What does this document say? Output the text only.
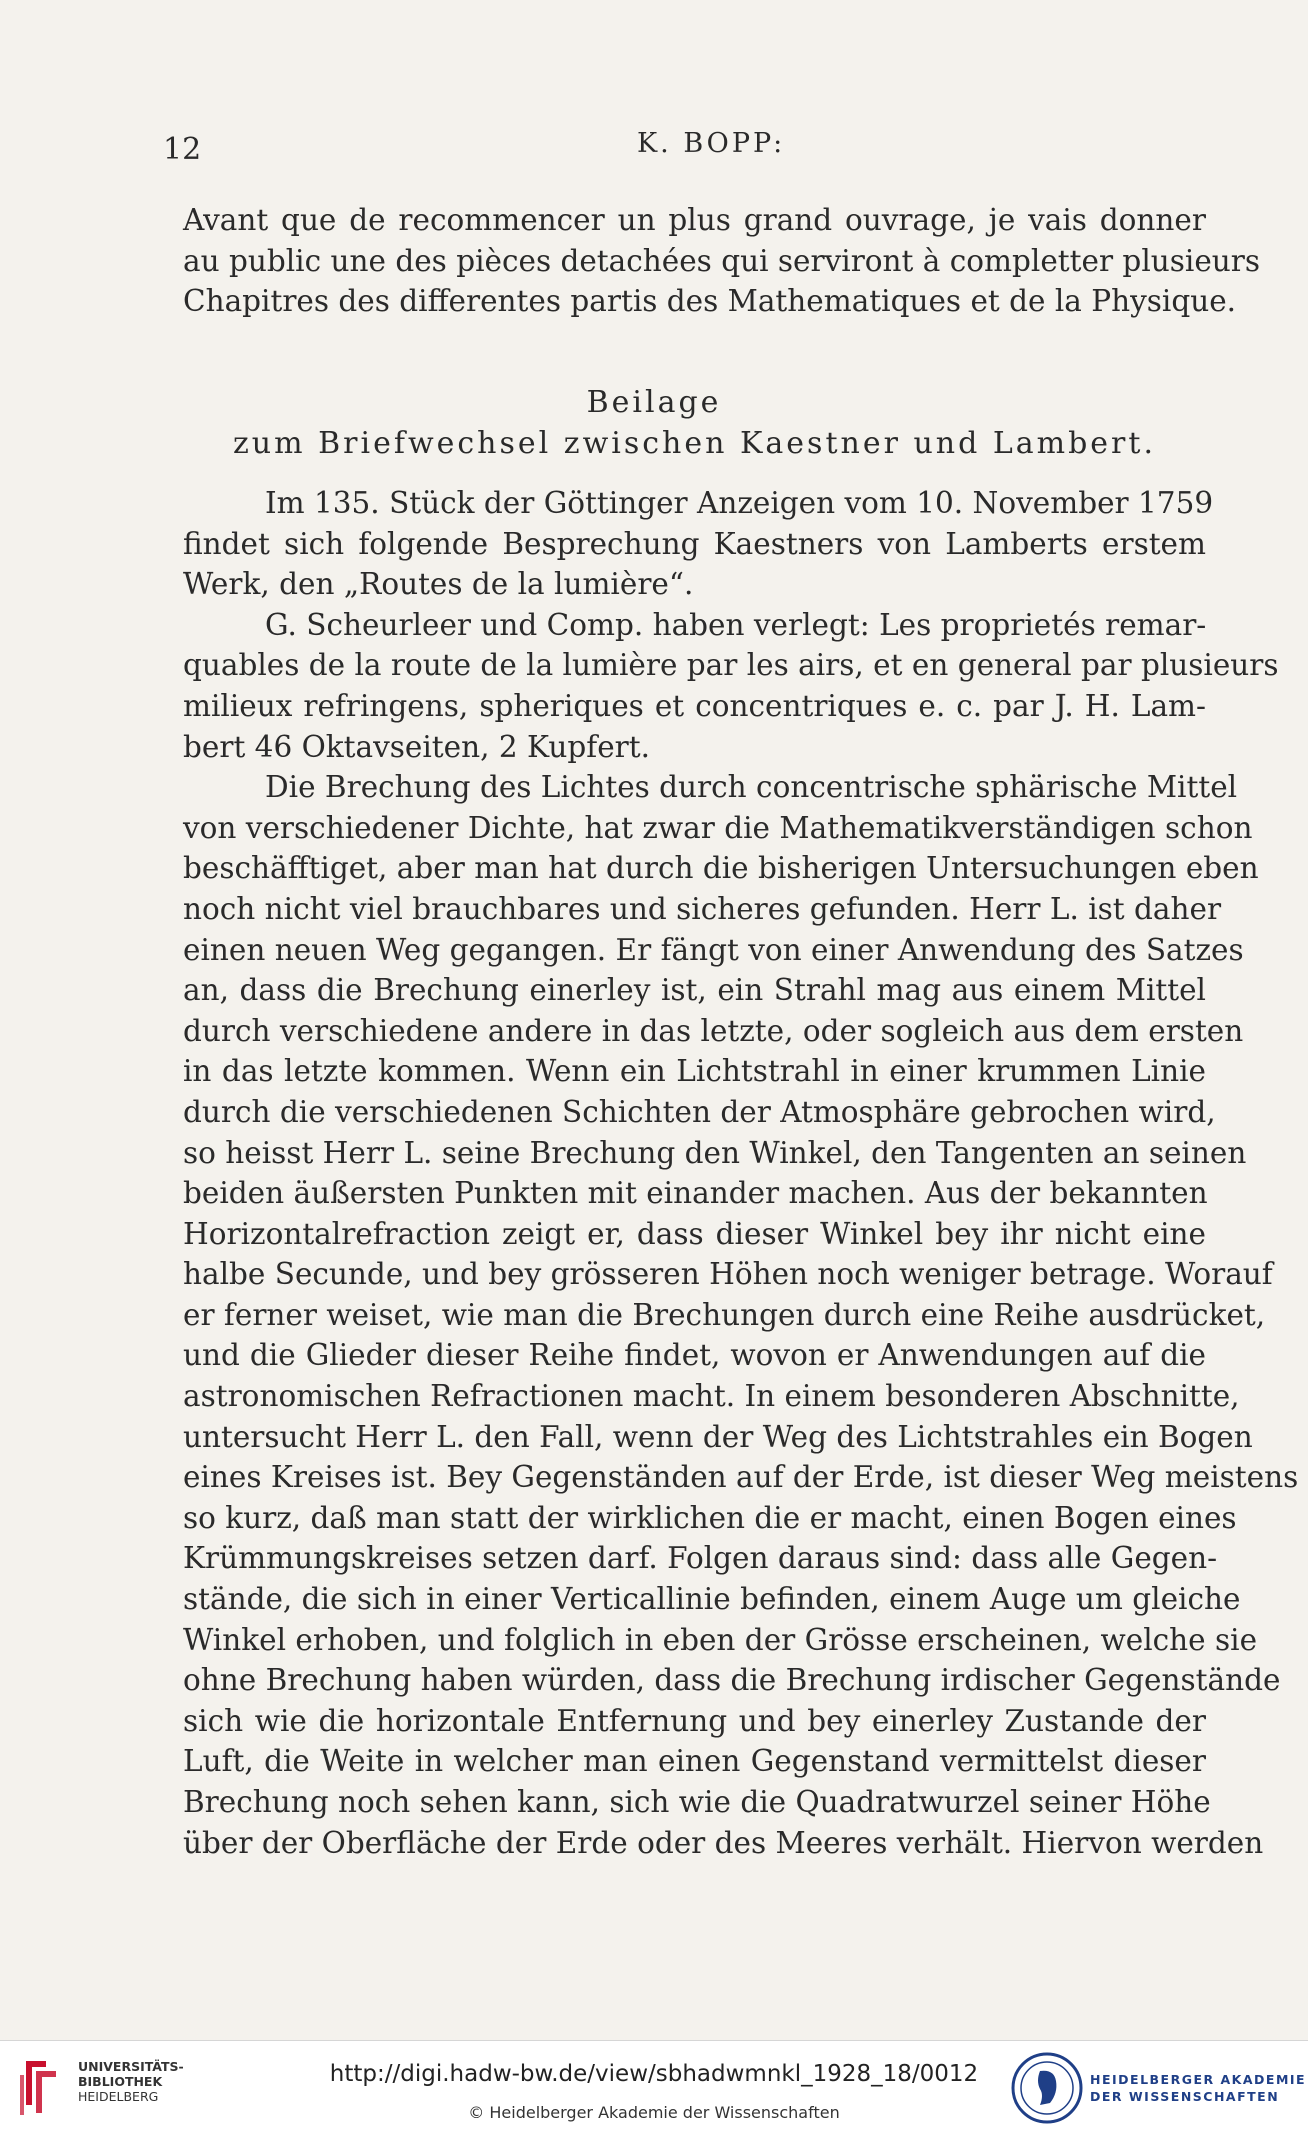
12	K. BOPP:

Avant que de recommencer un plus grand ouvrage, je vais donner

au public une des pièces detachées qui serviront à completter plusieurs

Chapitres des differentes partis des Mathematiques et de la Physique.

Beilage
zum Briefwechsel zwischen Kaestner und Lambert.

Im 135. Stück der Göttinger Anzeigen vom 10. November 1759

findet sich folgende Besprechung Kaestners von Lamberts erstem

Werk, den „Routes de la lumière“.

G. Scheurleer und Comp. haben verlegt: Les proprietés remar-

quables de la route de la lumière par les airs, et en general par plusieurs

milieux refringens, spheriques et concentriques e. c. par J. H. Lam-

bert 46 Oktavseiten, 2 Kupfert.

Die Brechung des Lichtes durch concentrische sphärische Mittel

von verschiedener Dichte, hat zwar die Mathematikverständigen schon

beschäfftiget, aber man hat durch die bisherigen Untersuchungen eben

noch nicht viel brauchbares und sicheres gefunden. Herr L. ist daher

einen neuen Weg gegangen. Er fängt von einer Anwendung des Satzes

an, dass die Brechung einerley ist, ein Strahl mag aus einem Mittel

durch verschiedene andere in das letzte, oder sogleich aus dem ersten

in das letzte kommen. Wenn ein Lichtstrahl in einer krummen Linie

durch die verschiedenen Schichten der Atmosphäre gebrochen wird,

so heisst Herr L. seine Brechung den Winkel, den Tangenten an seinen

beiden äußersten Punkten mit einander machen. Aus der bekannten

Horizontalrefraction zeigt er, dass dieser Winkel bey ihr nicht eine

halbe Secunde, und bey grösseren Höhen noch weniger betrage. Worauf

er ferner weiset, wie man die Brechungen durch eine Reihe ausdrücket,

und die Glieder dieser Reihe findet, wovon er Anwendungen auf die

astronomischen Refractionen macht. In einem besonderen Abschnitte,

untersucht Herr L. den Fall, wenn der Weg des Lichtstrahles ein Bogen

eines Kreises ist. Bey Gegenständen auf der Erde, ist dieser Weg meistens

so kurz, daß man statt der wirklichen die er macht, einen Bogen eines

Krümmungskreises setzen darf. Folgen daraus sind: dass alle Gegen-

stände, die sich in einer Verticallinie befinden, einem Auge um gleiche

Winkel erhoben, und folglich in eben der Grösse erscheinen, welche sie

ohne Brechung haben würden, dass die Brechung irdischer Gegenstände

sich wie die horizontale Entfernung und bey einerley Zustande der

Luft, die Weite in welcher man einen Gegenstand vermittelst dieser

Brechung noch sehen kann, sich wie die Quadratwurzel seiner Höhe

über der Oberfläche der Erde oder des Meeres verhält. Hiervon werden

UNIVERSITÄTS-
BIBLIOTHEK
HEIDELBERG
http://digi.hadw-bw.de/view/sbhadwmnkl_1928_18/0012
© Heidelberger Akademie der Wissenschaften
HEIDELBERGER AKADEMIE
DER WISSENSCHAFTEN
